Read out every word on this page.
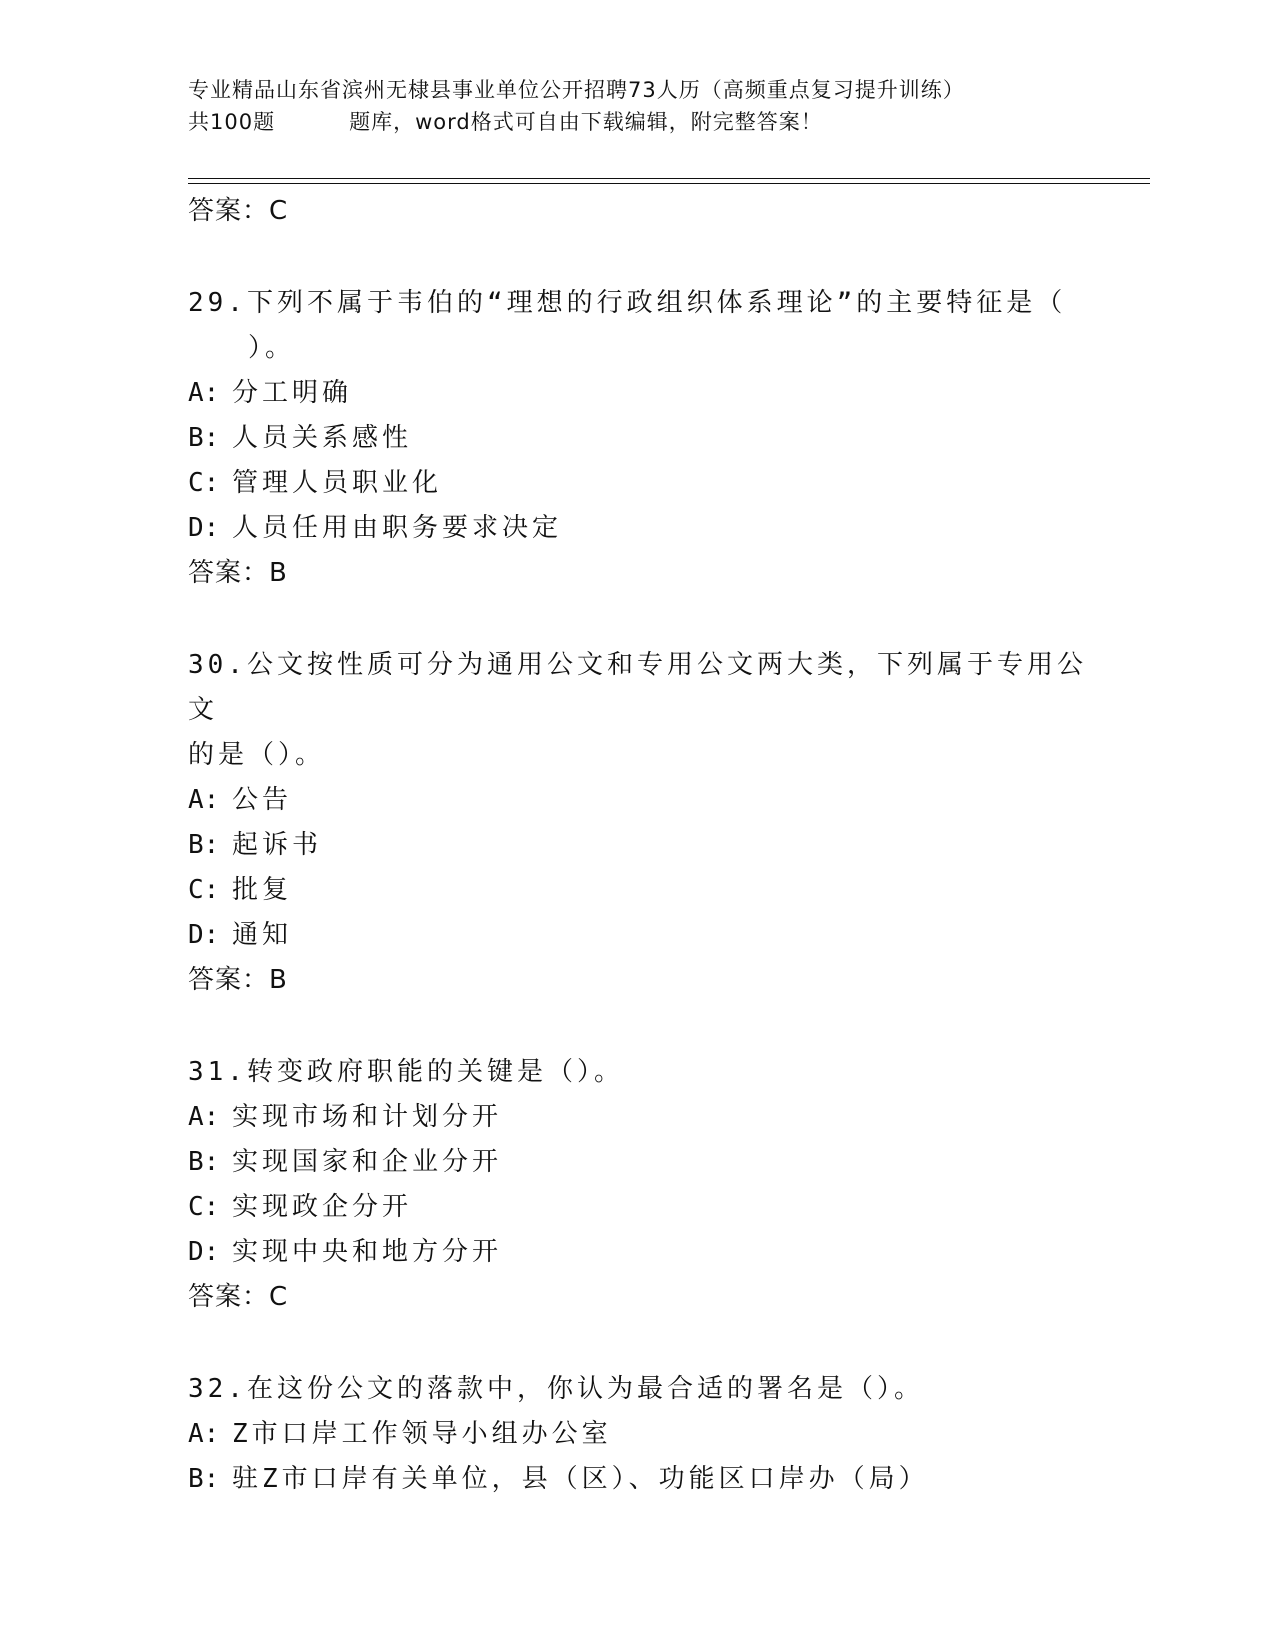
专业精品山东省滨州无棣县事业单位公开招聘73人历（高频重点复习提升训练）
共100题	题库，word格式可自由下载编辑，附完整答案！
答案：C
29.下列不属于韦伯的“理想的行政组织体系理论”的主要特征是（
　　）。
A: 分工明确
B: 人员关系感性
C: 管理人员职业化
D: 人员任用由职务要求决定
答案：B
30.公文按性质可分为通用公文和专用公文两大类，下列属于专用公文
的是（）。
A: 公告
B: 起诉书
C: 批复
D: 通知
答案：B
31.转变政府职能的关键是（）。
A: 实现市场和计划分开
B: 实现国家和企业分开
C: 实现政企分开
D: 实现中央和地方分开
答案：C
32.在这份公文的落款中，你认为最合适的署名是（）。
A: Z市口岸工作领导小组办公室
B: 驻Z市口岸有关单位，县（区）、功能区口岸办（局）
